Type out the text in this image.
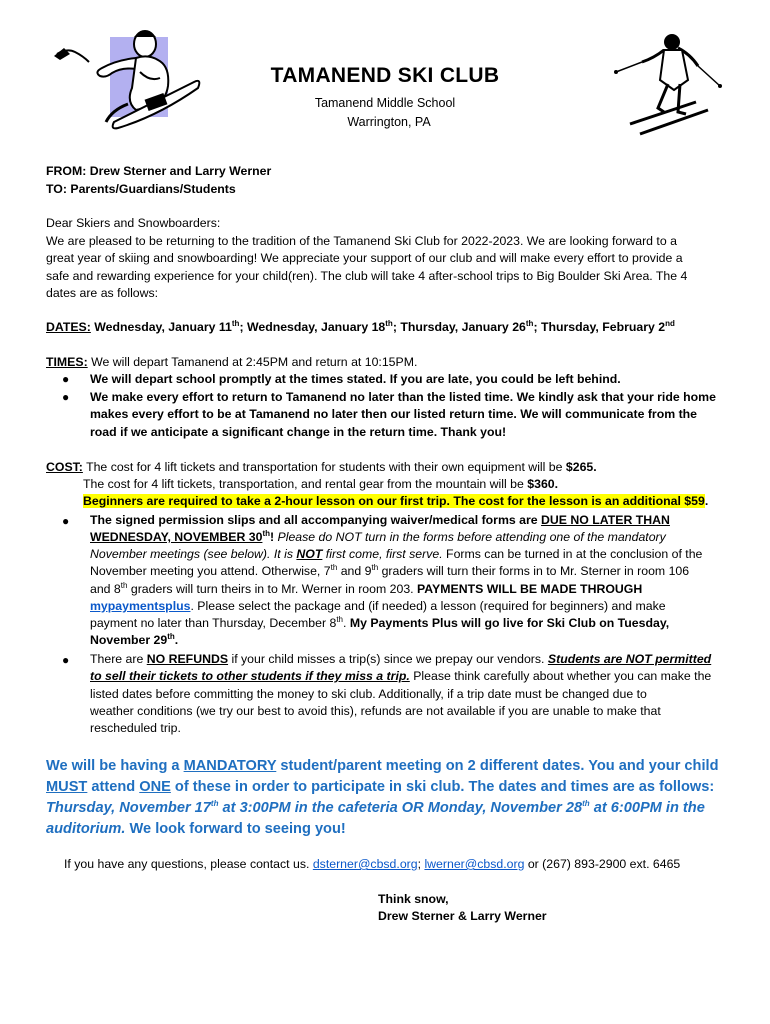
TAMANEND SKI CLUB
Tamanend Middle School
Warrington, PA
FROM: Drew Sterner and Larry Werner
TO: Parents/Guardians/Students
Dear Skiers and Snowboarders:
We are pleased to be returning to the tradition of the Tamanend Ski Club for 2022-2023. We are looking forward to a
great year of skiing and snowboarding! We appreciate your support of our club and will make every effort to provide a
safe and rewarding experience for your child(ren). The club will take 4 after-school trips to Big Boulder Ski Area. The 4
dates are as follows:
DATES: Wednesday, January 11th; Wednesday, January 18th; Thursday, January 26th; Thursday, February 2nd
TIMES: We will depart Tamanend at 2:45PM and return at 10:15PM.
● We will depart school promptly at the times stated. If you are late, you could be left behind.
● We make every effort to return to Tamanend no later than the listed time. We kindly ask that your ride home
makes every effort to be at Tamanend no later then our listed return time. We will communicate from the
road if we anticipate a significant change in the return time. Thank you!
COST: The cost for 4 lift tickets and transportation for students with their own equipment will be $265.
The cost for 4 lift tickets, transportation, and rental gear from the mountain will be $360.
Beginners are required to take a 2-hour lesson on our first trip. The cost for the lesson is an additional $59.
● The signed permission slips and all accompanying waiver/medical forms are DUE NO LATER THAN
WEDNESDAY, NOVEMBER 30th! Please do NOT turn in the forms before attending one of the mandatory
November meetings (see below). It is NOT first come, first serve. Forms can be turned in at the conclusion of the
November meeting you attend. Otherwise, 7th and 9th graders will turn their forms in to Mr. Sterner in room 106
and 8th graders will turn theirs in to Mr. Werner in room 203. PAYMENTS WILL BE MADE THROUGH
mypaymentsplus. Please select the package and (if needed) a lesson (required for beginners) and make
payment no later than Thursday, December 8th. My Payments Plus will go live for Ski Club on Tuesday,
November 29th.
● There are NO REFUNDS if your child misses a trip(s) since we prepay our vendors. Students are NOT permitted
to sell their tickets to other students if they miss a trip. Please think carefully about whether you can make the
listed dates before committing the money to ski club. Additionally, if a trip date must be changed due to
weather conditions (we try our best to avoid this), refunds are not available if you are unable to make that
rescheduled trip.
We will be having a MANDATORY student/parent meeting on 2 different dates. You and your child
MUST attend ONE of these in order to participate in ski club. The dates and times are as follows:
Thursday, November 17th at 3:00PM in the cafeteria OR Monday, November 28th at 6:00PM in the
auditorium. We look forward to seeing you!
If you have any questions, please contact us. dsterner@cbsd.org; lwerner@cbsd.org or (267) 893-2900 ext. 6465
Think snow,
Drew Sterner & Larry Werner
